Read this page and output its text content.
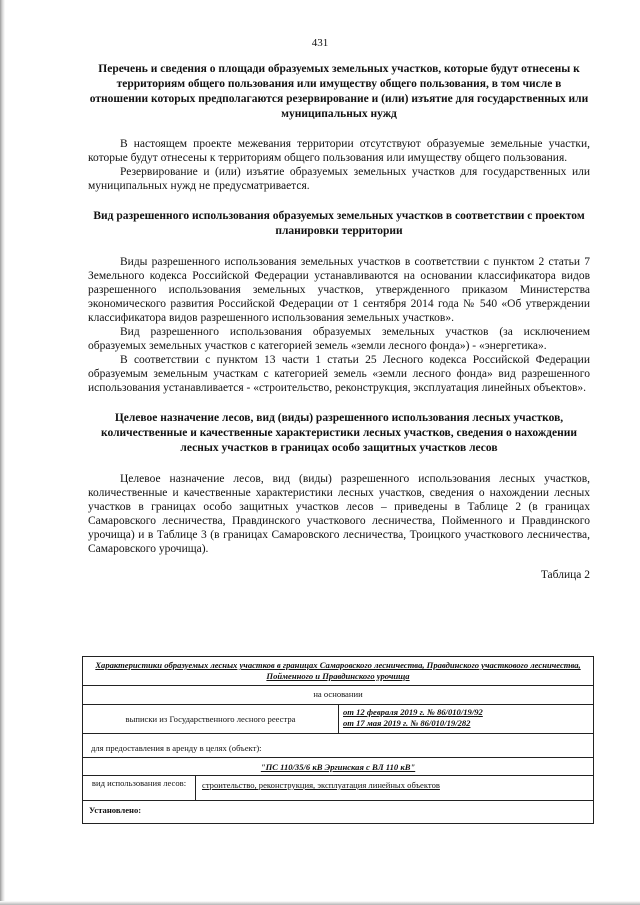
431

Перечень и сведения о площади образуемых земельных участков, которые будут отнесены к территориям общего пользования или имуществу общего пользования, в том числе в отношении которых предполагаются резервирование и (или) изъятие для государственных или муниципальных нужд

В настоящем проекте межевания территории отсутствуют образуемые земельные участки, которые будут отнесены к территориям общего пользования или имуществу общего пользования.

Резервирование и (или) изъятие образуемых земельных участков для государственных или муниципальных нужд не предусматривается.

Вид разрешенного использования образуемых земельных участков в соответствии с проектом планировки территории

Виды разрешенного использования земельных участков в соответствии с пунктом 2 статьи 7 Земельного кодекса Российской Федерации устанавливаются на основании классификатора видов разрешенного использования земельных участков, утвержденного приказом Министерства экономического развития Российской Федерации от 1 сентября 2014 года № 540 «Об утверждении классификатора видов разрешенного использования земельных участков».

Вид разрешенного использования образуемых земельных участков (за исключением образуемых земельных участков с категорией земель «земли лесного фонда») - «энергетика».

В соответствии с пунктом 13 части 1 статьи 25 Лесного кодекса Российской Федерации образуемым земельным участкам с категорией земель «земли лесного фонда» вид разрешенного использования устанавливается - «строительство, реконструкция, эксплуатация линейных объектов».

Целевое назначение лесов, вид (виды) разрешенного использования лесных участков, количественные и качественные характеристики лесных участков, сведения о нахождении лесных участков в границах особо защитных участков лесов

Целевое назначение лесов, вид (виды) разрешенного использования лесных участков, количественные и качественные характеристики лесных участков, сведения о нахождении лесных участков в границах особо защитных участков лесов – приведены в Таблице 2 (в границах Самаровского лесничества, Правдинского участкового лесничества, Пойменного и Правдинского урочища) и в Таблице 3 (в границах Самаровского лесничества, Троицкого участкового лесничества, Самаровского урочища).

Таблица 2
Характеристики образуемых лесных участков в границах Самаровского лесничества, Правдинского участкового лесничества, Пойменного и Правдинского урочища
на основании
выписки из Государственного лесного реестра
от 12 февраля 2019 г. № 86/010/19/92
от 17 мая 2019 г. № 86/010/19/282
для предоставления в аренду в целях (объект):
"ПС 110/35/6 кВ Эргинская с ВЛ 110 кВ"
вид использования лесов:	строительство, реконструкция, эксплуатация линейных объектов
Установлено:
